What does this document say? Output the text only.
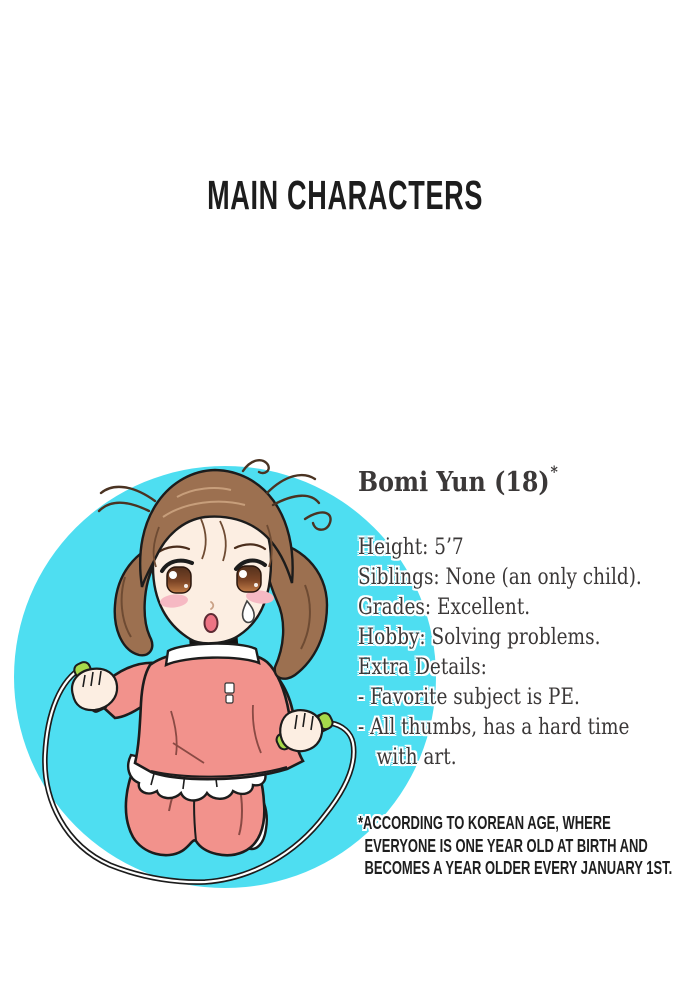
MAIN CHARACTERS
Bomi Yun (18)*
Height: 5’7
Siblings: None (an only child).
Grades: Excellent.
Hobby: Solving problems.
Extra Details:
- Favorite subject is PE.
- All thumbs, has a hard time
with art.
*ACCORDING TO KOREAN AGE, WHERE
EVERYONE IS ONE YEAR OLD AT BIRTH AND
BECOMES A YEAR OLDER EVERY JANUARY 1ST.
